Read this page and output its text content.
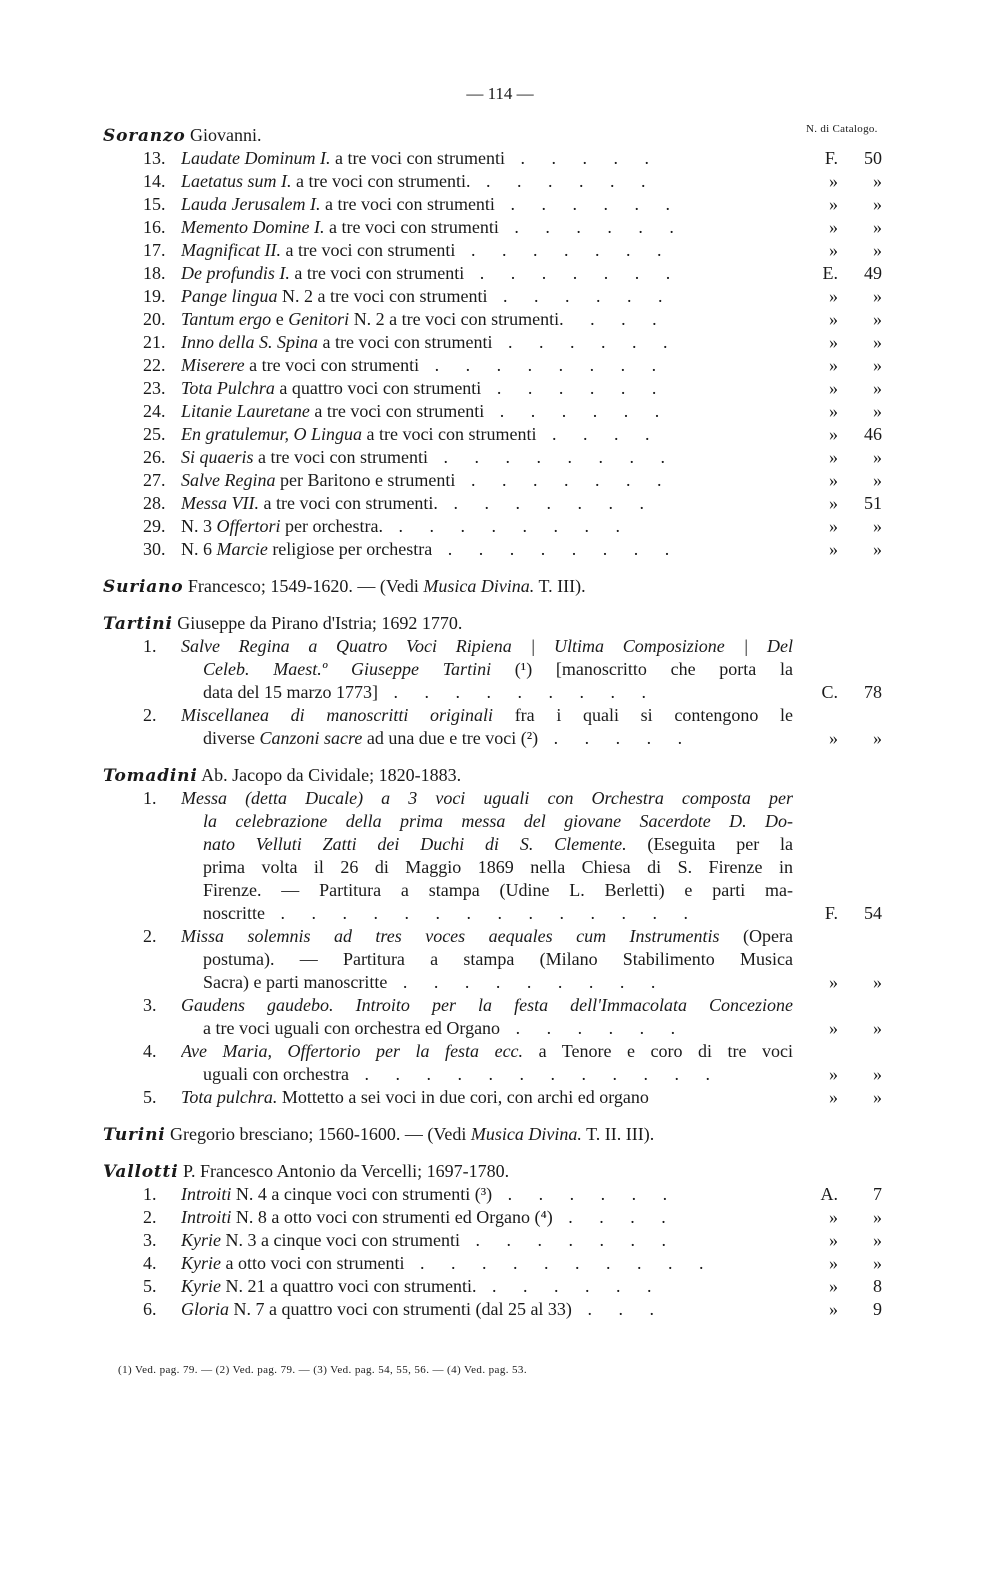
— 114 —
N. di Catalogo.
Soranzo Giovanni.
13. Laudate Dominum I. a tre voci con strumenti . . . . .	F. 50
14. Laetatus sum I. a tre voci con strumenti. . . . . . .	» »
15. Lauda Jerusalem I. a tre voci con strumenti . . . . . .	» »
16. Memento Domine I. a tre voci con strumenti . . . . . .	» »
17. Magnificat II. a tre voci con strumenti . . . . . . .	» »
18. De profundis I. a tre voci con strumenti . . . . . . .	E. 49
19. Pange lingua N. 2 a tre voci con strumenti . . . . . .	» »
20. Tantum ergo e Genitori N. 2 a tre voci con strumenti. . . .	» »
21. Inno della S. Spina a tre voci con strumenti . . . . . .	» »
22. Miserere a tre voci con strumenti . . . . . . . .	» »
23. Tota Pulchra a quattro voci con strumenti . . . . . .	» »
24. Litanie Lauretane a tre voci con strumenti . . . . . .	» »
25. En gratulemur, O Lingua a tre voci con strumenti . . . .	» 46
26. Si quaeris a tre voci con strumenti . . . . . . . .	» »
27. Salve Regina per Baritono e strumenti . . . . . . .	» »
28. Messa VII. a tre voci con strumenti. . . . . . . .	» 51
29. N. 3 Offertori per orchestra. . . . . . . . .	» »
30. N. 6 Marcie religiose per orchestra . . . . . . . .	» »
Suriano Francesco; 1549-1620. — (Vedi Musica Divina. T. III).
Tartini Giuseppe da Pirano d'Istria; 1692 1770.
1.	Salve Regina a Quatro Voci Ripiena | Ultima Composizione | Del
Celeb. Maest.º Giuseppe Tartini (¹) [manoscritto che porta la
data del 15 marzo 1773] . . . . . . . . .	C. 78
2.	Miscellanea di manoscritti originali fra i quali si contengono le
diverse Canzoni sacre ad una due e tre voci (²) . . . . .	» »
Tomadini Ab. Jacopo da Cividale; 1820-1883.
1.	Messa (detta Ducale) a 3 voci uguali con Orchestra composta per
la celebrazione della prima messa del giovane Sacerdote D. Do-
nato Velluti Zatti dei Duchi di S. Clemente. (Eseguita per la
prima volta il 26 di Maggio 1869 nella Chiesa di S. Firenze in
Firenze. — Partitura a stampa (Udine L. Berletti) e parti ma-
noscritte . . . . . . . . . . . . . .	F. 54
2.	Missa solemnis ad tres voces aequales cum Instrumentis (Opera
postuma). — Partitura a stampa (Milano Stabilimento Musica
Sacra) e parti manoscritte . . . . . . . . .	» »
3.	Gaudens gaudebo. Introito per la festa dell'Immacolata Concezione
a tre voci uguali con orchestra ed Organo . . . . . .	» »
4.	Ave Maria, Offertorio per la festa ecc. a Tenore e coro di tre voci
uguali con orchestra . . . . . . . . . . . .	» »
5.	Tota pulchra. Mottetto a sei voci in due cori, con archi ed organo	» »
Turini Gregorio bresciano; 1560-1600. — (Vedi Musica Divina. T. II. III).
Vallotti P. Francesco Antonio da Vercelli; 1697-1780.
1.	Introiti N. 4 a cinque voci con strumenti (³) . . . . . .	A. 7
2.	Introiti N. 8 a otto voci con strumenti ed Organo (⁴) . . . .	» »
3.	Kyrie N. 3 a cinque voci con strumenti . . . . . . .	» »
4.	Kyrie a otto voci con strumenti . . . . . . . . . .	» »
5.	Kyrie N. 21 a quattro voci con strumenti. . . . . . .	» 8
6.	Gloria N. 7 a quattro voci con strumenti (dal 25 al 33) . . .	» 9
(1) Ved. pag. 79. — (2) Ved. pag. 79. — (3) Ved. pag. 54, 55, 56. — (4) Ved. pag. 53.
